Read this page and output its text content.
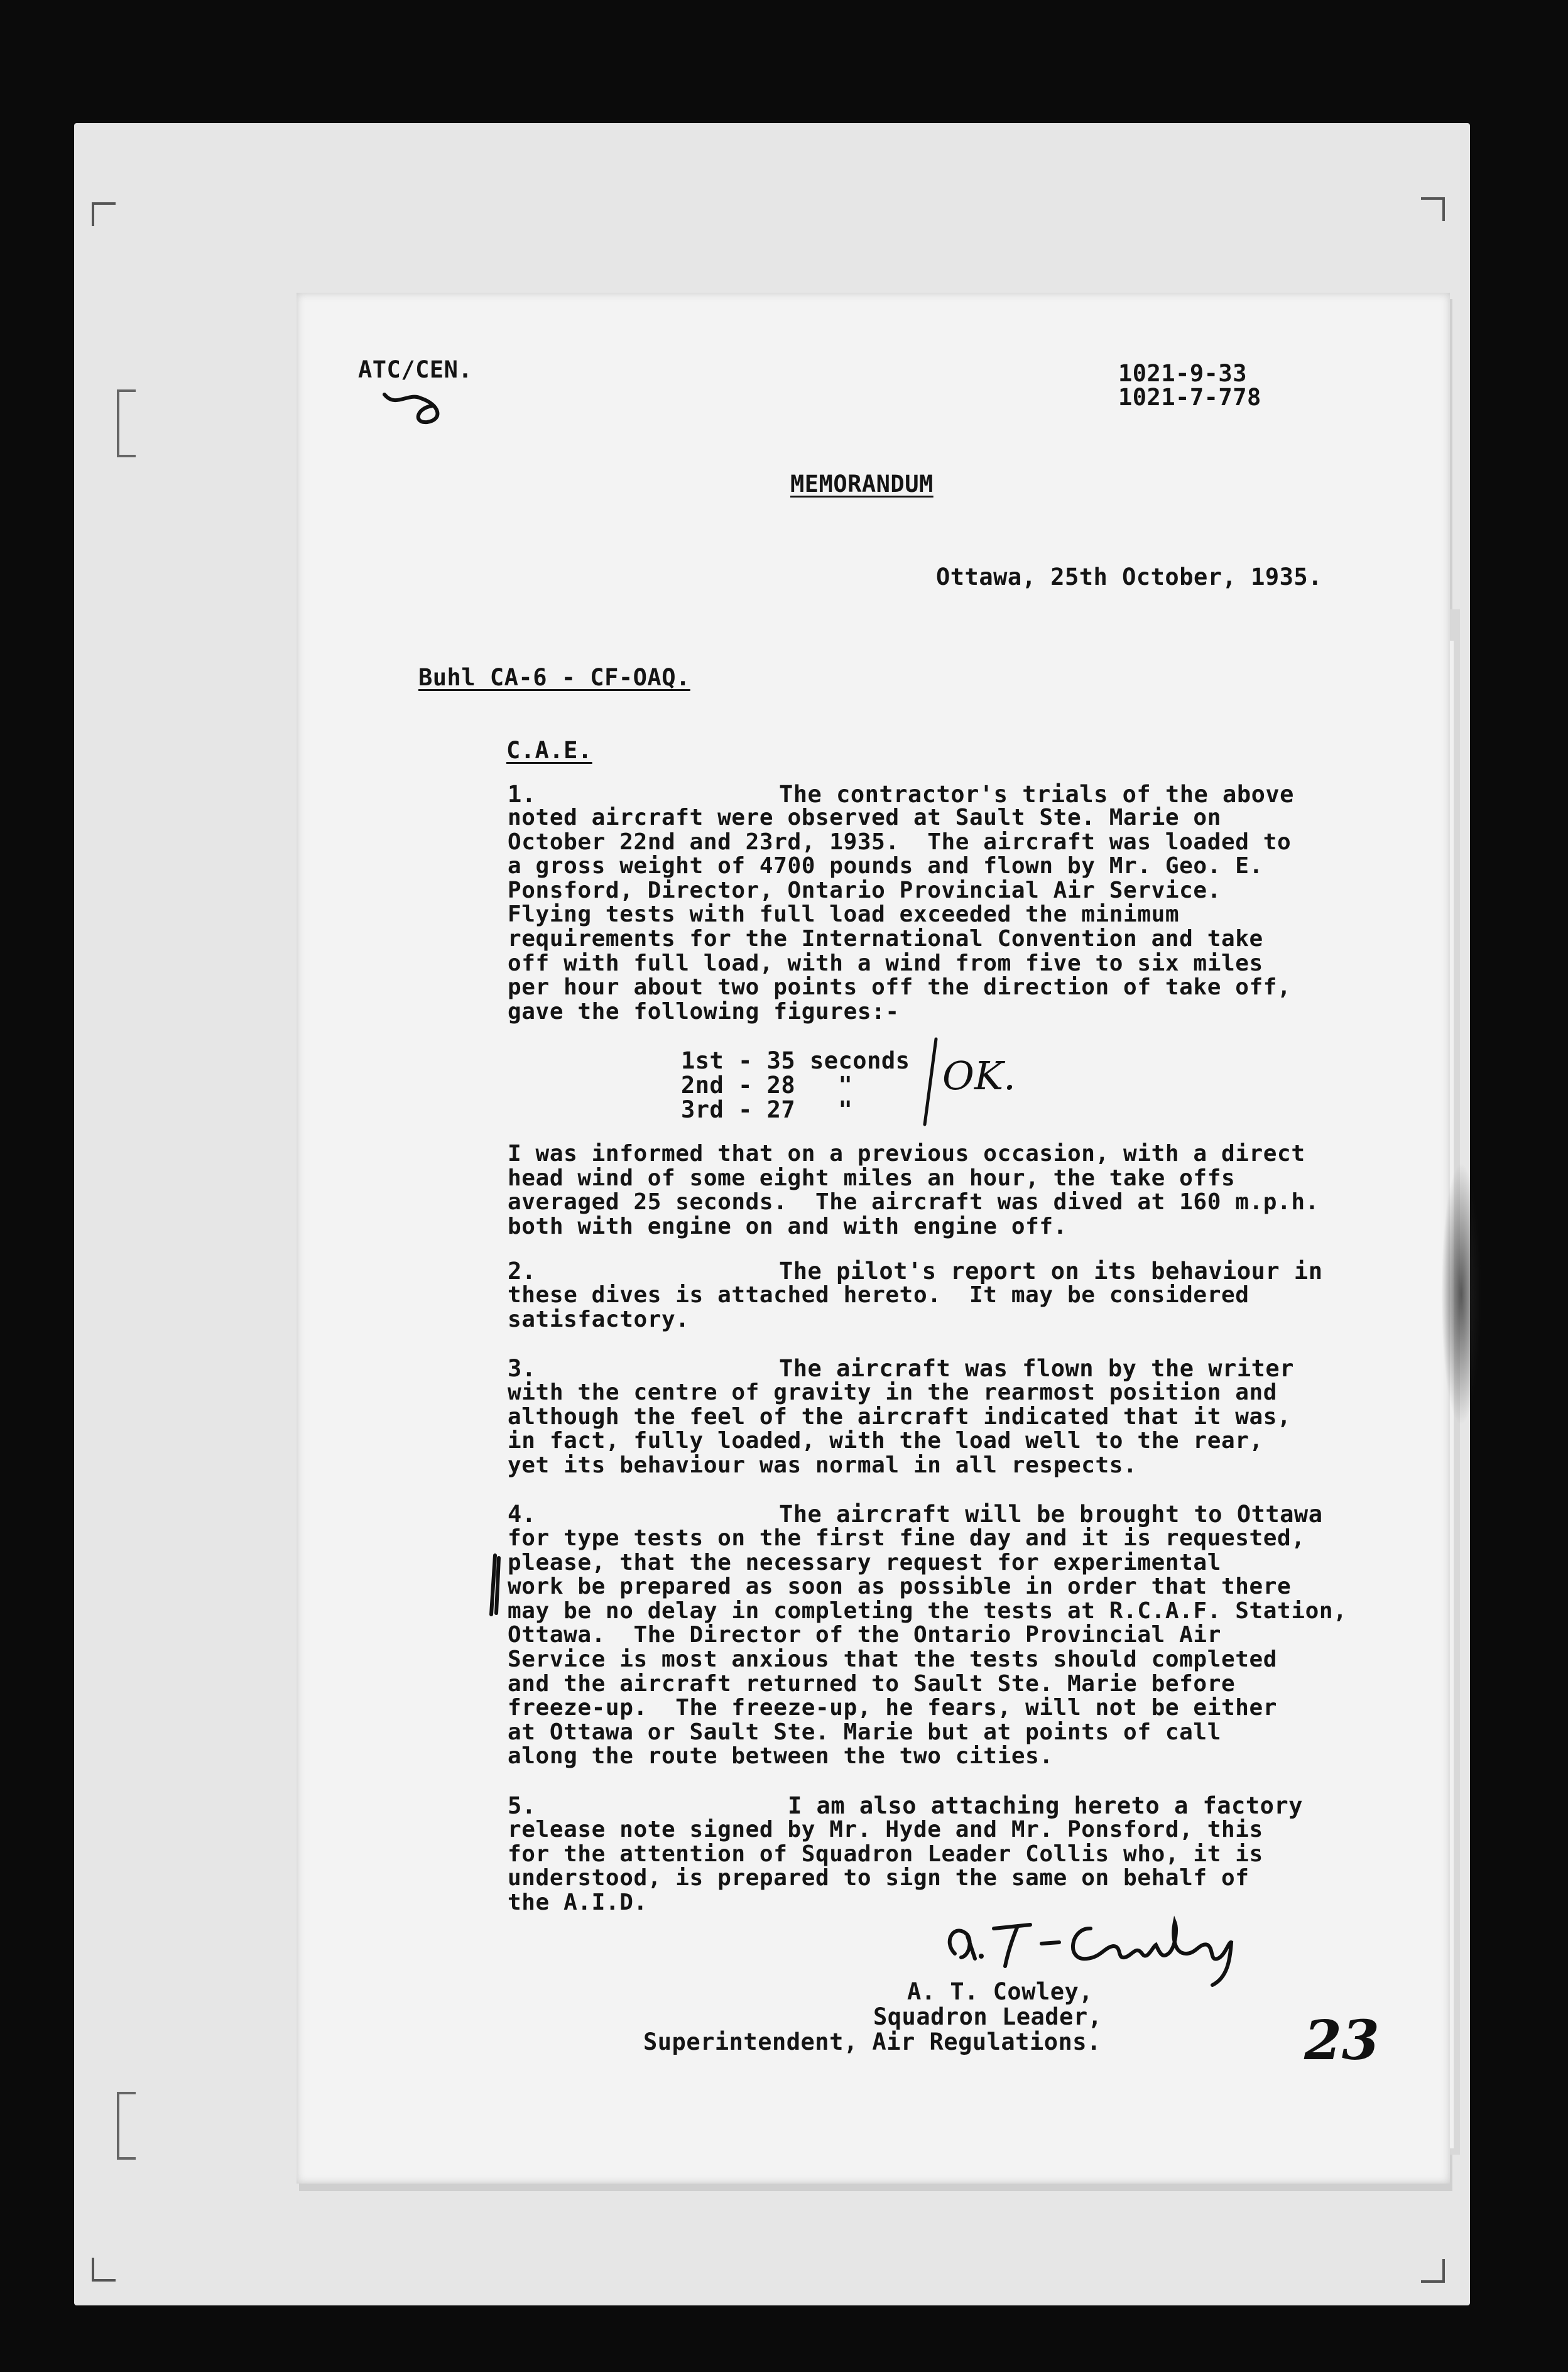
ATC/CEN.	1021-9-33
1021-7-778
MEMORANDUM
Ottawa, 25th October, 1935.
Buhl CA-6 - CF-OAQ.
C.A.E.
1.	The contractor's trials of the above
noted aircraft were observed at Sault Ste. Marie on
October 22nd and 23rd, 1935.  The aircraft was loaded to
a gross weight of 4700 pounds and flown by Mr. Geo. E.
Ponsford, Director, Ontario Provincial Air Service.
Flying tests with full load exceeded the minimum
requirements for the International Convention and take
off with full load, with a wind from five to six miles
per hour about two points off the direction of take off,
gave the following figures:-
1st - 35 seconds
2nd - 28   "
3rd - 27   "
OK.
I was informed that on a previous occasion, with a direct
head wind of some eight miles an hour, the take offs
averaged 25 seconds.  The aircraft was dived at 160 m.p.h.
both with engine on and with engine off.
2.	The pilot's report on its behaviour in
these dives is attached hereto.  It may be considered
satisfactory.
3.	The aircraft was flown by the writer
with the centre of gravity in the rearmost position and
although the feel of the aircraft indicated that it was,
in fact, fully loaded, with the load well to the rear,
yet its behaviour was normal in all respects.
4.	The aircraft will be brought to Ottawa
for type tests on the first fine day and it is requested,
please, that the necessary request for experimental
work be prepared as soon as possible in order that there
may be no delay in completing the tests at R.C.A.F. Station,
Ottawa.  The Director of the Ontario Provincial Air
Service is most anxious that the tests should completed
and the aircraft returned to Sault Ste. Marie before
freeze-up.  The freeze-up, he fears, will not be either
at Ottawa or Sault Ste. Marie but at points of call
along the route between the two cities.
5.	I am also attaching hereto a factory
release note signed by Mr. Hyde and Mr. Ponsford, this
for the attention of Squadron Leader Collis who, it is
understood, is prepared to sign the same on behalf of
the A.I.D.
A. T. Cowley,
Squadron Leader,
Superintendent, Air Regulations.	23
